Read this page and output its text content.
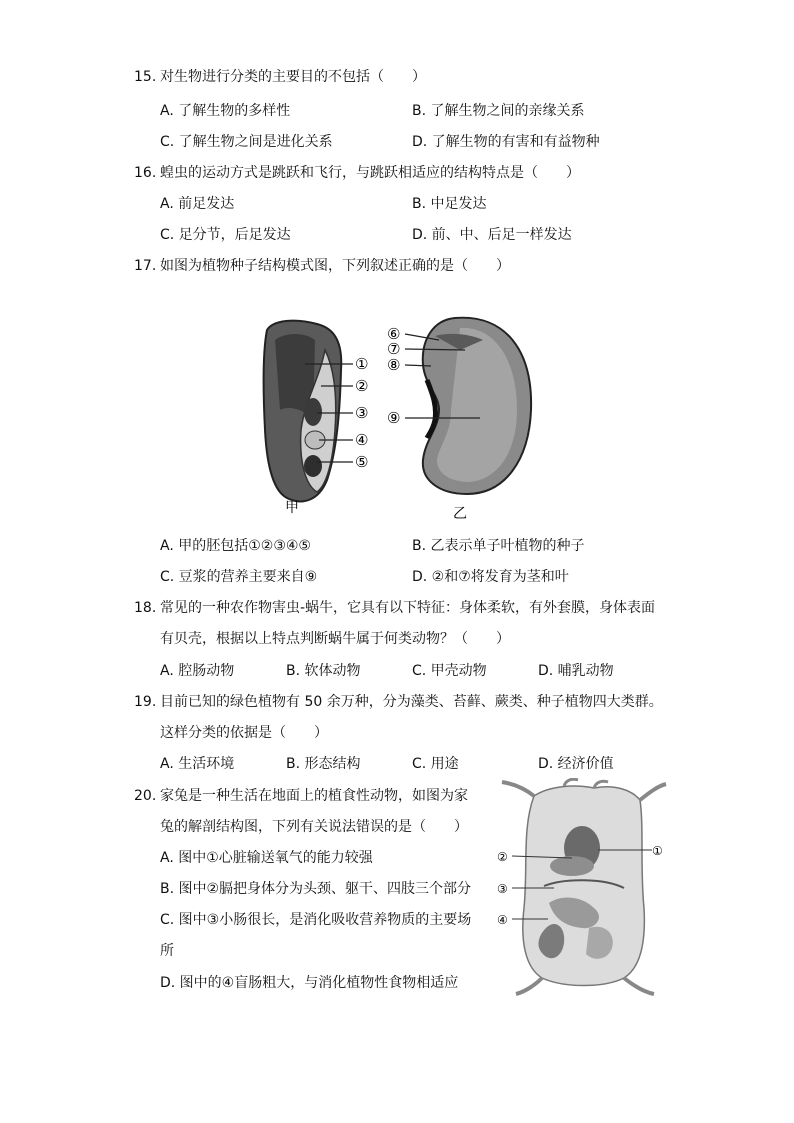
15. 对生物进行分类的主要目的不包括（　　）
A. 了解生物的多样性	B. 了解生物之间的亲缘关系
C. 了解生物之间是进化关系	D. 了解生物的有害和有益物种
16. 蝗虫的运动方式是跳跃和飞行，与跳跃相适应的结构特点是（　　）
A. 前足发达	B. 中足发达
C. 足分节，后足发达	D. 前、中、后足一样发达
17. 如图为植物种子结构模式图，下列叙述正确的是（　　）
①
②
③
④
⑤
甲
⑥
⑦
⑧
⑨
乙
A. 甲的胚包括①②③④⑤	B. 乙表示单子叶植物的种子
C. 豆浆的营养主要来自⑨	D. ②和⑦将发育为茎和叶
18. 常见的一种农作物害虫-蜗牛，它具有以下特征：身体柔软，有外套膜，身体表面
有贝壳，根据以上特点判断蜗牛属于何类动物？（　　）
A. 腔肠动物	B. 软体动物	C. 甲壳动物	D. 哺乳动物
19. 目前已知的绿色植物有 50 余万种，分为藻类、苔藓、蕨类、种子植物四大类群。
这样分类的依据是（　　）
A. 生活环境	B. 形态结构	C. 用途	D. 经济价值
20. 家兔是一种生活在地面上的植食性动物，如图为家
兔的解剖结构图，下列有关说法错误的是（　　）
A. 图中①心脏输送氧气的能力较强
B. 图中②膈把身体分为头颈、躯干、四肢三个部分
C. 图中③小肠很长，是消化吸收营养物质的主要场
所
D. 图中的④盲肠粗大，与消化植物性食物相适应
①
②
③
④
